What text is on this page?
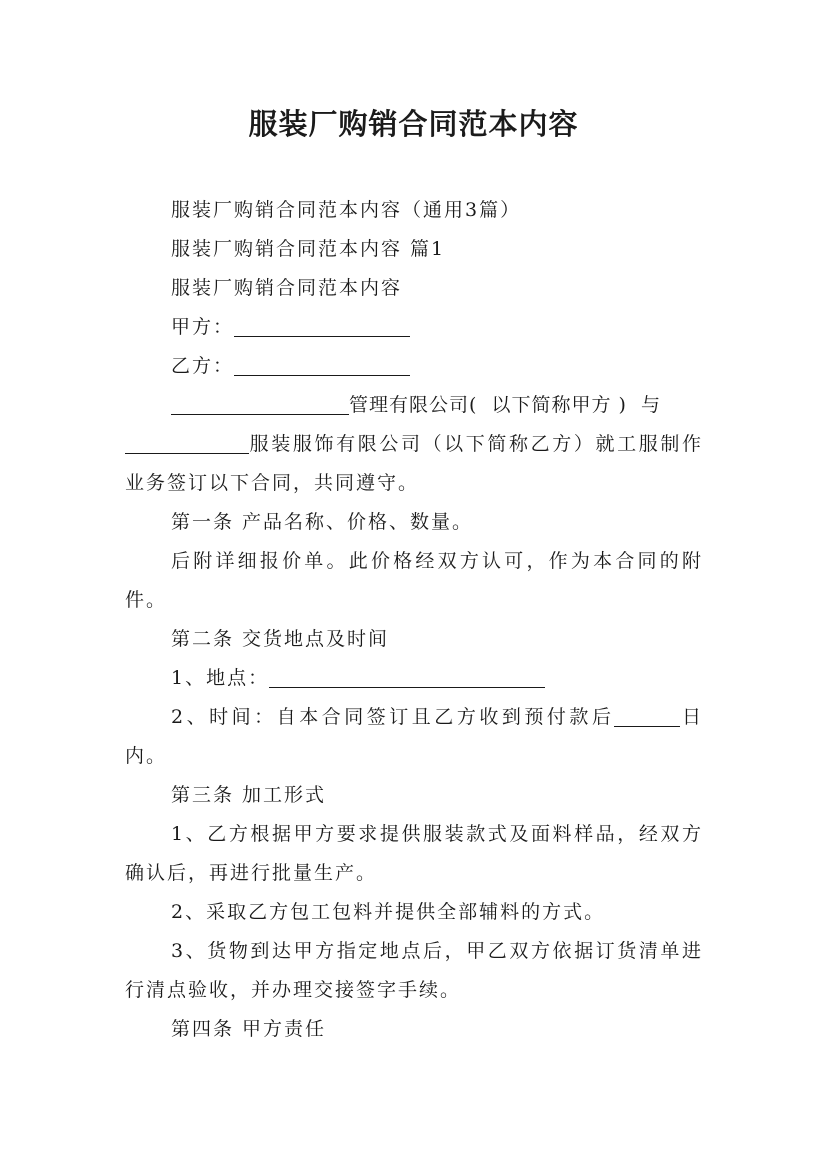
服装厂购销合同范本内容

服装厂购销合同范本内容（通用3篇）

服装厂购销合同范本内容 篇1

服装厂购销合同范本内容

甲方：

乙方：

管理有限公司(  以下简称甲方 )  与

服装服饰有限公司（以下简称乙方）就工服制作业务签订以下合同，共同遵守。

第一条 产品名称、价格、数量。

后附详细报价单。此价格经双方认可，作为本合同的附件。

第二条 交货地点及时间

1、地点：

2、时间：自本合同签订且乙方收到预付款后	日内。

第三条 加工形式

1、乙方根据甲方要求提供服装款式及面料样品，经双方确认后，再进行批量生产。

2、采取乙方包工包料并提供全部辅料的方式。

3、货物到达甲方指定地点后，甲乙双方依据订货清单进行清点验收，并办理交接签字手续。

第四条 甲方责任
